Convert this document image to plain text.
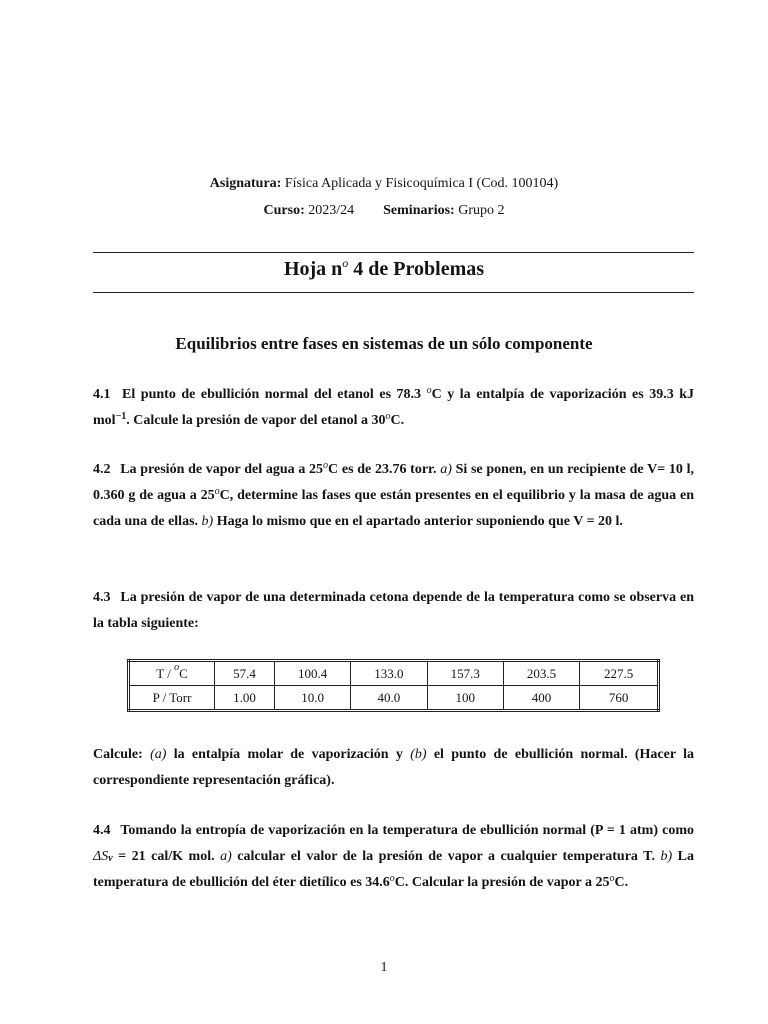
Asignatura: Física Aplicada y Fisicoquímica I (Cod. 100104)
Curso: 2023/24 Seminarios: Grupo 2
Hoja $n^o$ 4 de Problemas
Equilibrios entre fases en sistemas de un sólo componente
4.1 El punto de ebullición normal del etanol es 78.3 $^o$C y la entalpía de vaporización es 39.3 kJ mol$^{-1}$. Calcule la presión de vapor del etanol a 30$^o$C.
4.2 La presión de vapor del agua a 25$^o$C es de 23.76 torr. a) Si se ponen, en un recipiente de V= 10 l, 0.360 g de agua a 25$^o$C, determine las fases que están presentes en el equilibrio y la masa de agua en cada una de ellas. b) Haga lo mismo que en el apartado anterior suponiendo que V = 20 l.
4.3 La presión de vapor de una determinada cetona depende de la temperatura como se observa en la tabla siguiente:
T / $^o$C	57.4	100.4	133.0	157.3	203.5	227.5
P / Torr	1.00	10.0	40.0	100	400	760
Calcule: (a) la entalpía molar de vaporización y (b) el punto de ebullición normal. (Hacer la correspondiente representación gráfica).
4.4 Tomando la entropía de vaporización en la temperatura de ebullición normal (P = 1 atm) como ΔSv = 21 cal/K mol. a) calcular el valor de la presión de vapor a cualquier temperatura T. b) La temperatura de ebullición del éter dietílico es 34.6$^o$C. Calcular la presión de vapor a 25$^o$C.
1
